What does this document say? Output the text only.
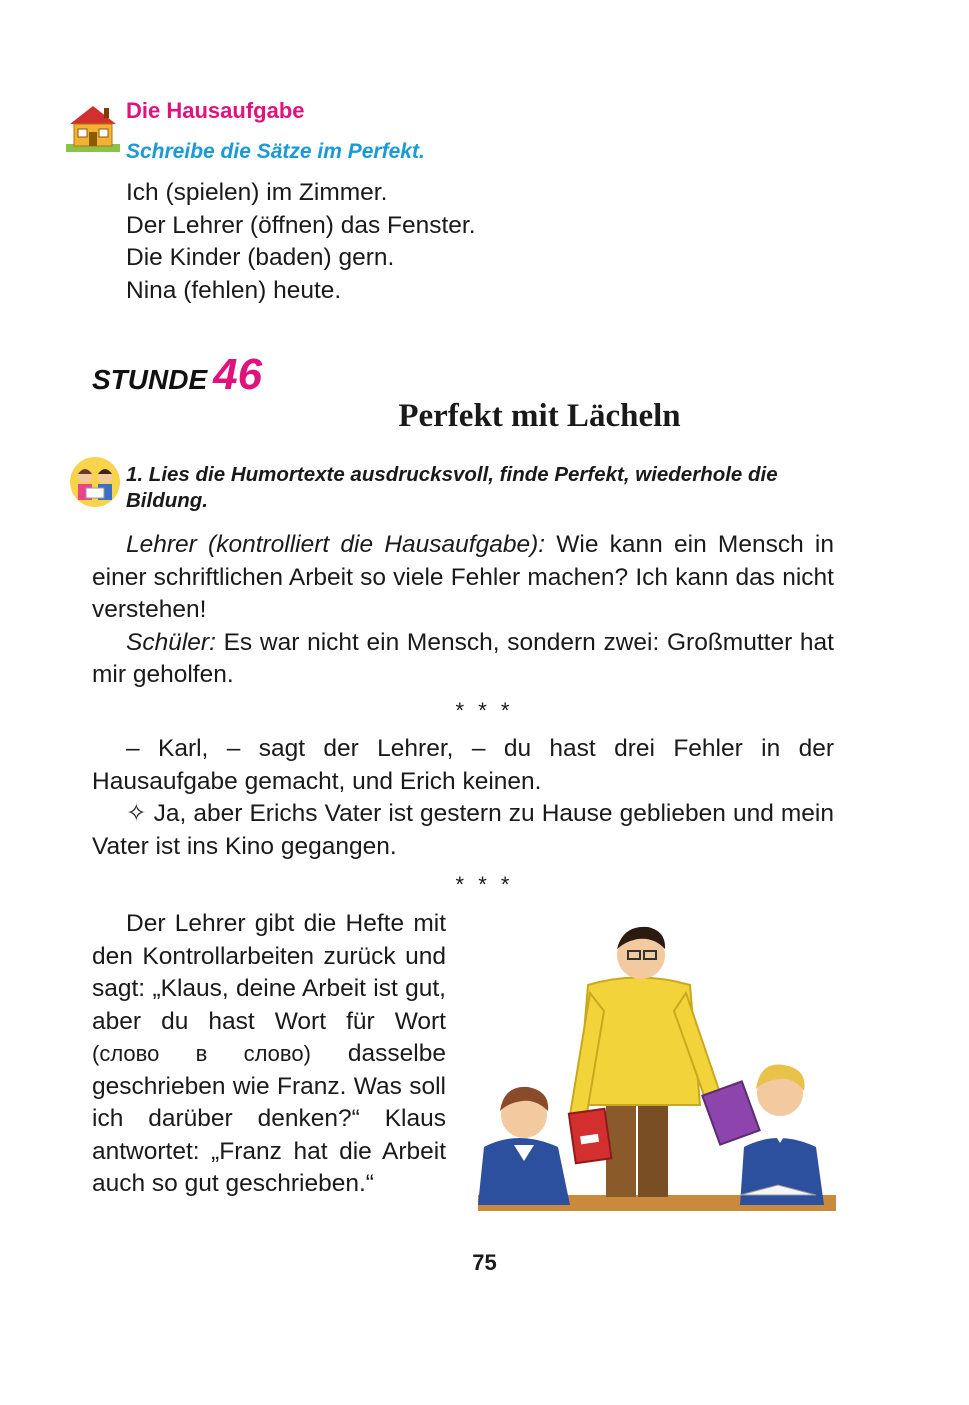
Die Hausaufgabe
Schreibe die Sätze im Perfekt.
Ich (spielen) im Zimmer.
Der Lehrer (öffnen) das Fenster.
Die Kinder (baden) gern.
Nina (fehlen) heute.
STUNDE 46
Perfekt mit Lächeln
1. Lies die Humortexte ausdrucksvoll, finde Perfekt, wiederhole die Bildung.
Lehrer (kontrolliert die Hausaufgabe): Wie kann ein Mensch in einer schriftlichen Arbeit so viele Fehler machen? Ich kann das nicht verstehen!
Schüler: Es war nicht ein Mensch, sondern zwei: Großmutter hat mir geholfen.
* * *
– Karl, – sagt der Lehrer, – du hast drei Fehler in der Hausaufgabe gemacht, und Erich keinen.
✧ Ja, aber Erichs Vater ist gestern zu Hause geblieben und mein Vater ist ins Kino gegangen.
* * *
Der Lehrer gibt die Hefte mit den Kontrollarbeiten zurück und sagt: „Klaus, deine Arbeit ist gut, aber du hast Wort für Wort (слово в слово) dasselbe geschrieben wie Franz. Was soll ich darüber denken?“ Klaus antwortet: „Franz hat die Arbeit auch so gut geschrieben.“
75
